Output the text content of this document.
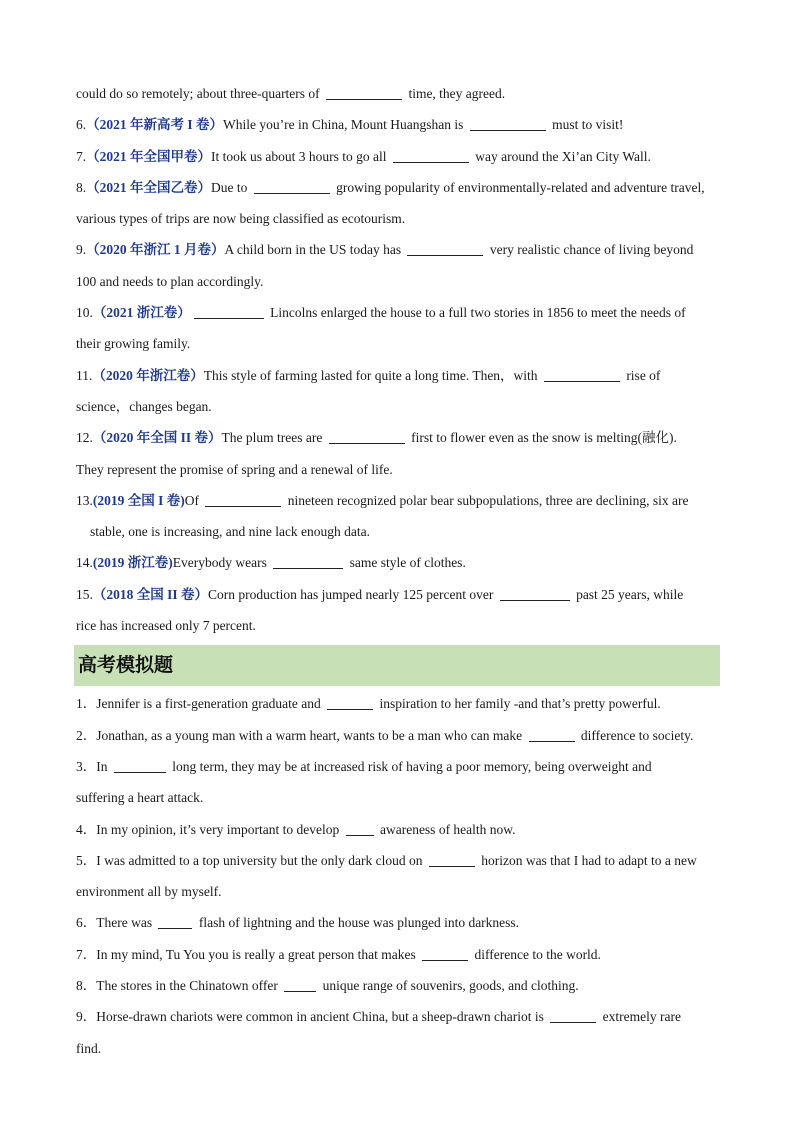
could do so remotely; about three-quarters of	time, they agreed.
6.（2021 年新高考 I 卷）While you’re in China, Mount Huangshan is	must to visit!
7.（2021 年全国甲卷）It took us about 3 hours to go all	way around the Xi’an City Wall.
8.（2021 年全国乙卷）Due to	growing popularity of environmentally-related and adventure travel,
various types of trips are now being classified as ecotourism.
9.（2020 年浙江 1 月卷）A child born in the US today has	very realistic chance of living beyond
100 and needs to plan accordingly.
10.（2021 浙江卷）	Lincolns enlarged the house to a full two stories in 1856 to meet the needs of
their growing family.
11.（2020 年浙江卷）This style of farming lasted for quite a long time. Then，with	rise of
science，changes began.
12.（2020 年全国 II 卷）The plum trees are	first to flower even as the snow is melting(融化).
They represent the promise of spring and a renewal of life.
13.(2019 全国 I 卷)Of	nineteen recognized polar bear subpopulations, three are declining, six are
stable, one is increasing, and nine lack enough data.
14.(2019 浙江卷)Everybody wears	same style of clothes.
15.（2018 全国 II 卷）Corn production has jumped nearly 125 percent over	past 25 years, while
rice has increased only 7 percent.
高考模拟题
1．Jennifer is a first-generation graduate and	inspiration to her family -and that’s pretty powerful.
2．Jonathan, as a young man with a warm heart, wants to be a man who can make	difference to society.
3．In	long term, they may be at increased risk of having a poor memory, being overweight and
suffering a heart attack.
4．In my opinion, it’s very important to develop	awareness of health now.
5．I was admitted to a top university but the only dark cloud on	horizon was that I had to adapt to a new
environment all by myself.
6．There was	flash of lightning and the house was plunged into darkness.
7．In my mind, Tu You you is really a great person that makes	difference to the world.
8．The stores in the Chinatown offer	unique range of souvenirs, goods, and clothing.
9．Horse-drawn chariots were common in ancient China, but a sheep-drawn chariot is	extremely rare
find.
